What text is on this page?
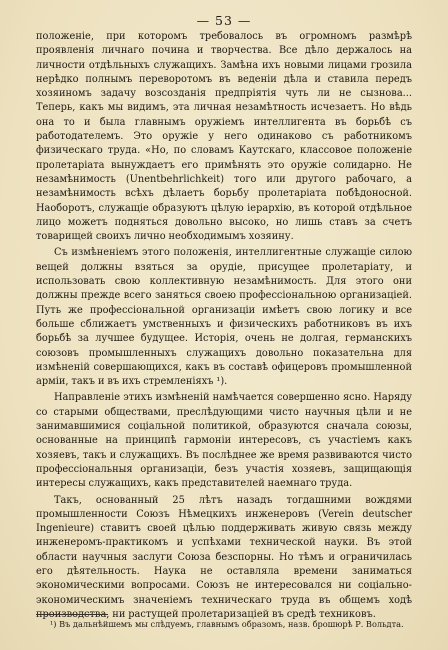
— 53 —

положеніе, при которомъ требовалось въ огромномъ размѣрѣ проявленія личнаго почина и творчества. Все дѣло держалось на личности отдѣльныхъ служащихъ. Замѣна ихъ новыми лицами грозила нерѣдко полнымъ переворотомъ въ веденіи дѣла и ставила передъ хозяиномъ задачу возсозданія предпріятія чуть ли не сызнова... Теперь, какъ мы видимъ, эта личная незамѣтность исчезаетъ. Но вѣдь она то и была главнымъ оружіемъ интеллигента въ борьбѣ съ работодателемъ. Это оружіе у него одинаково съ работникомъ физическаго труда. «Но, по словамъ Каутскаго, классовое положеніе пролетаріата вынуждаетъ его примѣнять это оружіе солидарно. Не незамѣнимость (Unentbehrlichkeit) того или другого рабочаго, а незамѣнимость всѣхъ дѣлаетъ борьбу пролетаріата побѣдоносной. Наоборотъ, служащіе образуютъ цѣлую іерархію, въ которой отдѣльное лицо можетъ подняться довольно высоко, но лишь ставъ за счетъ товарищей своихъ лично необходимымъ хозяину.

Съ измѣненіемъ этого положенія, интеллигентные служащіе силою вещей должны взяться за орудіе, присущее пролетаріату, и использовать свою коллективную незамѣнимость. Для этого они должны прежде всего заняться своею профессіональною организаціей. Путь же профессіональной организаціи имѣетъ свою логику и все больше сближаетъ умственныхъ и физическихъ работниковъ въ ихъ борьбѣ за лучшее будущее. Исторія, очень не долгая, германскихъ союзовъ промышленныхъ служащихъ довольно показательна для измѣненій совершающихся, какъ въ составѣ офицеровъ промышленной арміи, такъ и въ ихъ стремленіяхъ ¹).

Направленіе этихъ измѣненій намѣчается совершенно ясно. Наряду со старыми обществами, преслѣдующими чисто научныя цѣли и не занимавшимися соціальной политикой, образуются сначала союзы, основанные на принципѣ гармоніи интересовъ, съ участіемъ какъ хозяевъ, такъ и служащихъ. Въ послѣднее же время развиваются чисто профессіональныя организаціи, безъ участія хозяевъ, защищающія интересы служащихъ, какъ представителей наемнаго труда.

Такъ, основанный 25 лѣтъ назадъ тогдашними вождями промышленности Союзъ Нѣмецкихъ инженеровъ (Verein deutscher Ingenieure) ставитъ своей цѣлью поддерживать живую связь между инженеромъ-практикомъ и успѣхами технической науки. Въ этой области научныя заслуги Союза безспорны. Но тѣмъ и ограничилась его дѣятельность. Наука не оставляла времени заниматься экономическими вопросами. Союзъ не интересовался ни соціально-экономическимъ значеніемъ техническаго труда въ общемъ ходѣ производства, ни растущей пролетаризаціей въ средѣ техниковъ.

¹) Въ дальнѣйшемъ мы слѣдуемъ, главнымъ образомъ, назв. брошюрѣ Р. Вольдта.
